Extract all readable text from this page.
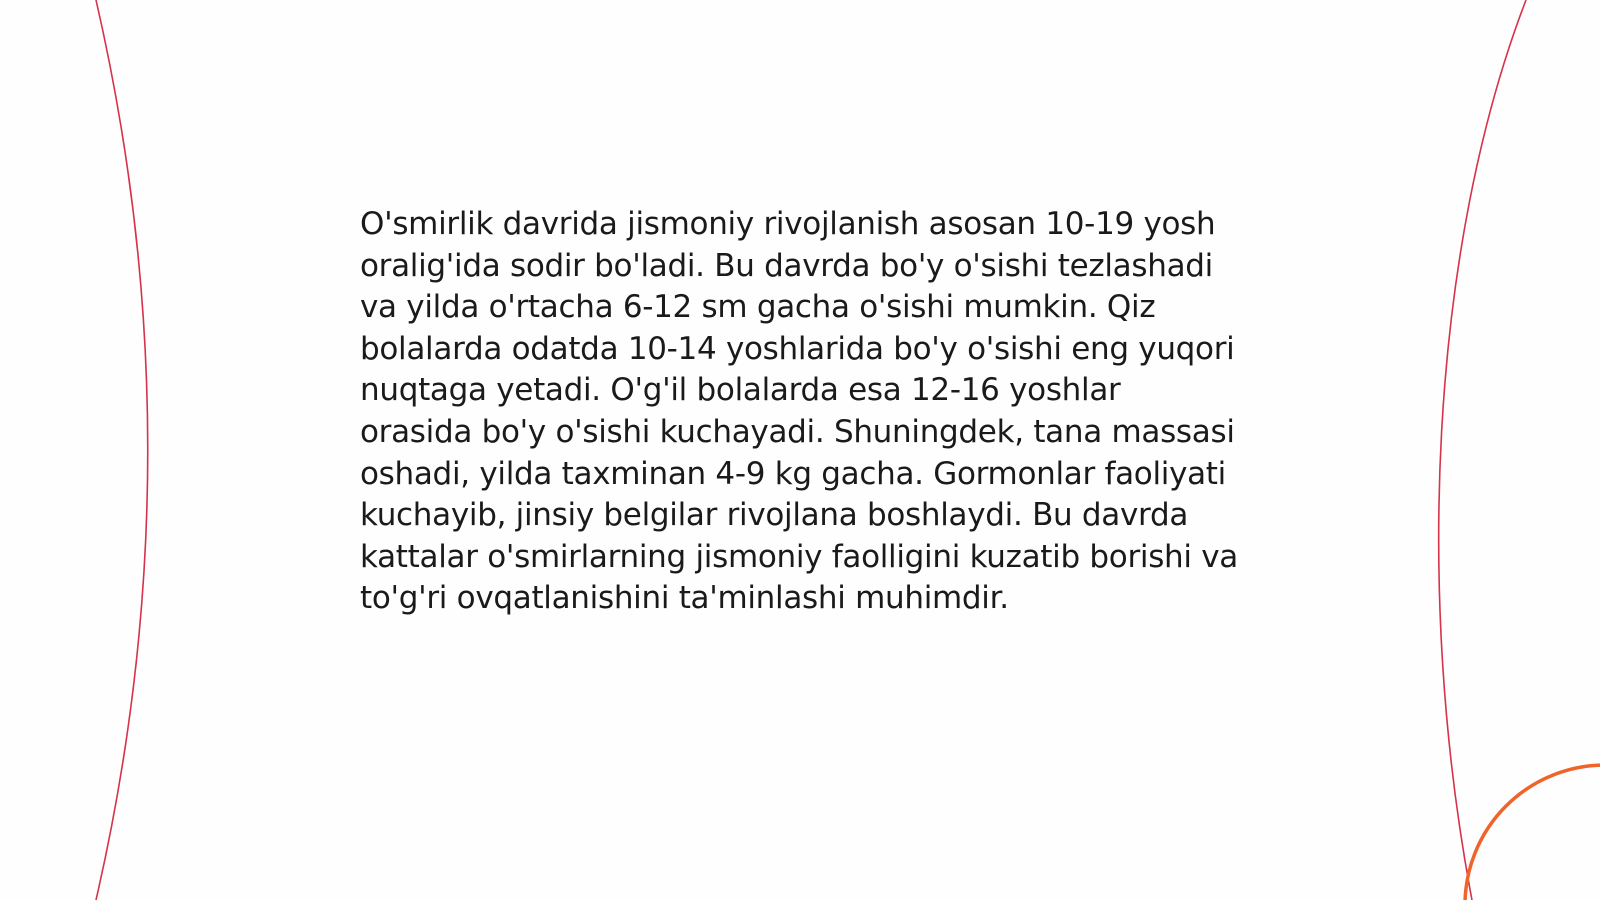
O'smirlik davrida jismoniy rivojlanish asosan 10-19 yosh oralig'ida sodir bo'ladi. Bu davrda bo'y o'sishi tezlashadi va yilda o'rtacha 6-12 sm gacha o'sishi mumkin. Qiz bolalarda odatda 10-14 yoshlarida bo'y o'sishi eng yuqori nuqtaga yetadi. O'g'il bolalarda esa 12-16 yoshlar orasida bo'y o'sishi kuchayadi. Shuningdek, tana massasi oshadi, yilda taxminan 4-9 kg gacha. Gormonlar faoliyati kuchayib, jinsiy belgilar rivojlana boshlaydi. Bu davrda kattalar o'smirlarning jismoniy faolligini kuzatib borishi va to'g'ri ovqatlanishini ta'minlashi muhimdir.
